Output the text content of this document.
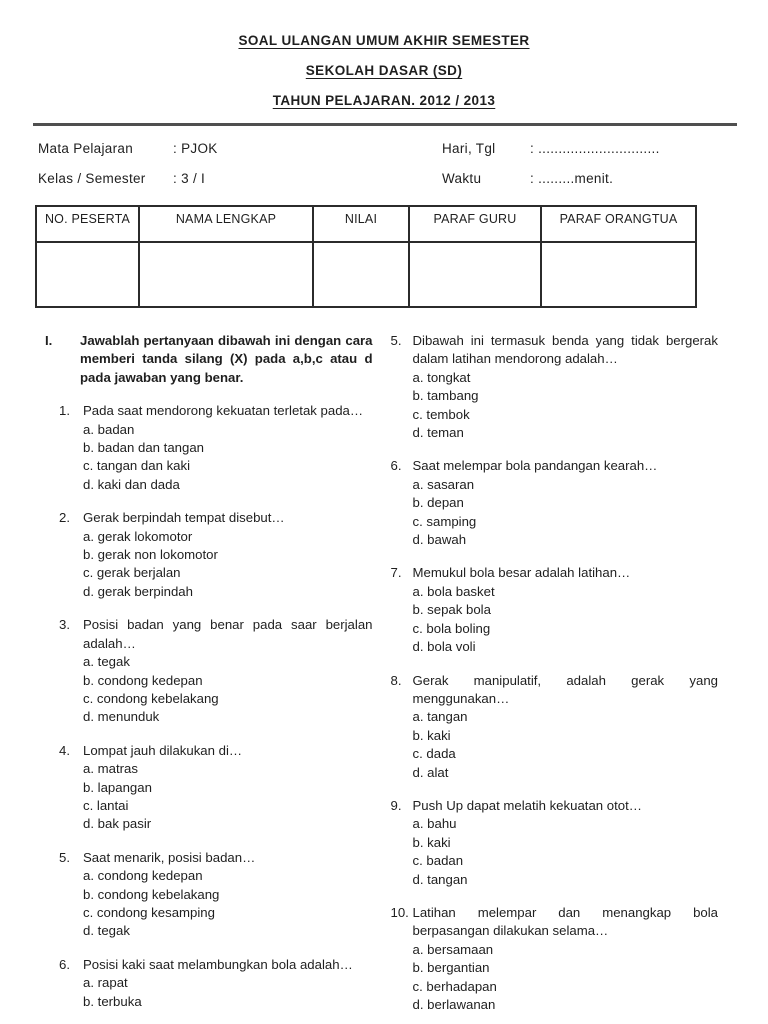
SOAL ULANGAN UMUM AKHIR SEMESTER
SEKOLAH DASAR (SD)
TAHUN PELAJARAN. 2012 / 2013
Mata Pelajaran	: PJOK	Hari, Tgl	: ..............................
Kelas / Semester	: 3 / I	Waktu	: .........menit.
NO. PESERTA	NAMA LENGKAP	NILAI	PARAF GURU	PARAF ORANGTUA

I.	Jawablah pertanyaan dibawah ini dengan cara memberi tanda silang (X) pada a,b,c atau d pada jawaban yang benar.

1. Pada saat mendorong kekuatan terletak pada…
a. badan
b. badan dan tangan
c. tangan dan kaki
d. kaki dan dada
2. Gerak berpindah tempat disebut…
a. gerak lokomotor
b. gerak non lokomotor
c. gerak berjalan
d. gerak berpindah
3. Posisi badan yang benar pada saar berjalan adalah…
a. tegak
b. condong kedepan
c. condong kebelakang
d. menunduk
4. Lompat jauh dilakukan di…
a. matras
b. lapangan
c. lantai
d. bak pasir
5. Saat menarik, posisi badan…
a. condong kedepan
b. condong kebelakang
c. condong kesamping
d. tegak
6. Posisi kaki saat melambungkan bola adalah…
a. rapat
b. terbuka
5. Dibawah ini termasuk benda yang tidak bergerak dalam latihan mendorong adalah…
a. tongkat
b. tambang
c. tembok
d. teman
6. Saat melempar bola pandangan kearah…
a. sasaran
b. depan
c. samping
d. bawah
7. Memukul bola besar adalah latihan…
a. bola basket
b. sepak bola
c. bola boling
d. bola voli
8. Gerak manipulatif, adalah gerak yang menggunakan…
a. tangan
b. kaki
c. dada
d. alat
9. Push Up dapat melatih kekuatan otot…
a. bahu
b. kaki
c. badan
d. tangan
10. Latihan melempar dan menangkap bola berpasangan dilakukan selama…
a. bersamaan
b. bergantian
c. berhadapan
d. berlawanan
